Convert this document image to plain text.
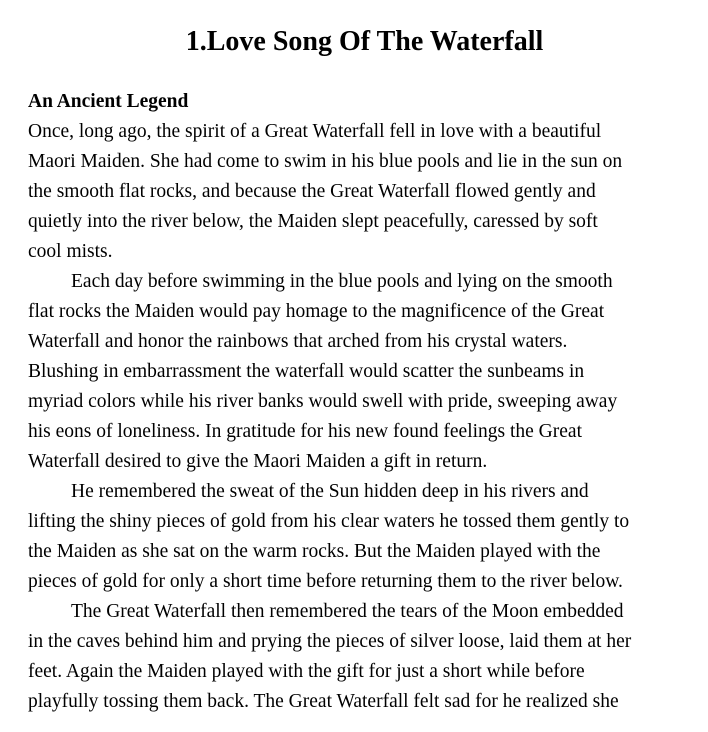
1.Love Song Of The Waterfall
An Ancient Legend

Once, long ago, the spirit of a Great Waterfall fell in love with a beautiful
Maori Maiden. She had come to swim in his blue pools and lie in the sun on
the smooth flat rocks, and because the Great Waterfall flowed gently and
quietly into the river below, the Maiden slept peacefully, caressed by soft
cool mists.

Each day before swimming in the blue pools and lying on the smooth
flat rocks the Maiden would pay homage to the magnificence of the Great
Waterfall and honor the rainbows that arched from his crystal waters.
Blushing in embarrassment the waterfall would scatter the sunbeams in
myriad colors while his river banks would swell with pride, sweeping away
his eons of loneliness. In gratitude for his new found feelings the Great
Waterfall desired to give the Maori Maiden a gift in return.

He remembered the sweat of the Sun hidden deep in his rivers and
lifting the shiny pieces of gold from his clear waters he tossed them gently to
the Maiden as she sat on the warm rocks. But the Maiden played with the
pieces of gold for only a short time before returning them to the river below.

The Great Waterfall then remembered the tears of the Moon embedded
in the caves behind him and prying the pieces of silver loose, laid them at her
feet. Again the Maiden played with the gift for just a short while before
playfully tossing them back. The Great Waterfall felt sad for he realized she
